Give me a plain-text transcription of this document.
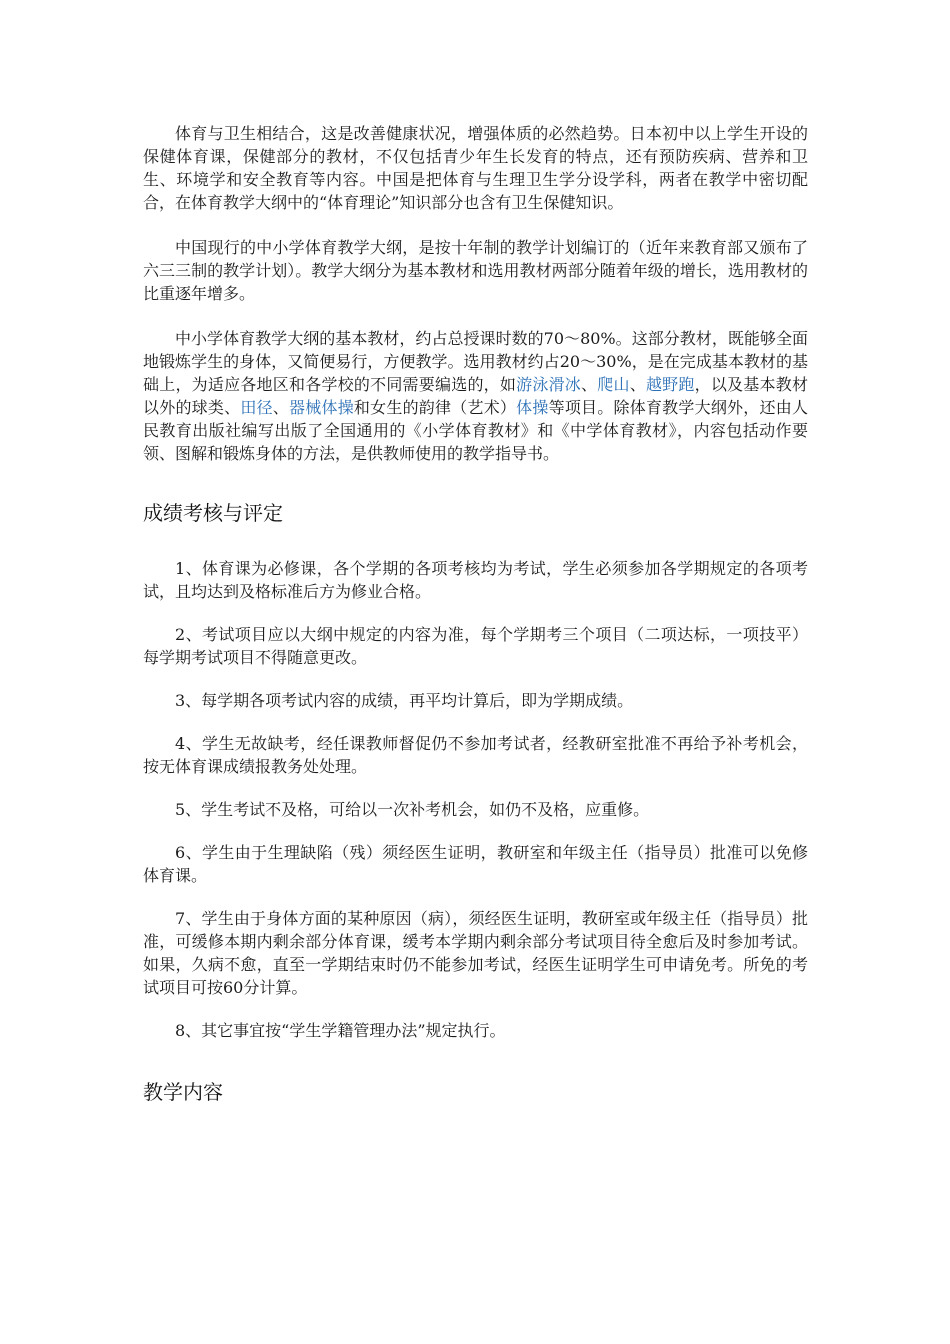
体育与卫生相结合，这是改善健康状况，增强体质的必然趋势。日本初中以上学生开设的保健体育课，保健部分的教材，不仅包括青少年生长发育的特点，还有预防疾病、营养和卫生、环境学和安全教育等内容。中国是把体育与生理卫生学分设学科，两者在教学中密切配合，在体育教学大纲中的“体育理论”知识部分也含有卫生保健知识。

中国现行的中小学体育教学大纲，是按十年制的教学计划编订的（近年来教育部又颁布了六三三制的教学计划）。教学大纲分为基本教材和选用教材两部分随着年级的增长，选用教材的比重逐年增多。

中小学体育教学大纲的基本教材，约占总授课时数的70～80%。这部分教材，既能够全面地锻炼学生的身体，又简便易行，方便教学。选用教材约占20～30%，是在完成基本教材的基础上，为适应各地区和各学校的不同需要编选的，如游泳滑冰、爬山、越野跑，以及基本教材以外的球类、田径、器械体操和女生的韵律（艺术）体操等项目。除体育教学大纲外，还由人民教育出版社编写出版了全国通用的《小学体育教材》和《中学体育教材》，内容包括动作要领、图解和锻炼身体的方法，是供教师使用的教学指导书。

成绩考核与评定

1、体育课为必修课，各个学期的各项考核均为考试，学生必须参加各学期规定的各项考试，且均达到及格标准后方为修业合格。

2、考试项目应以大纲中规定的内容为准，每个学期考三个项目（二项达标，一项技平）每学期考试项目不得随意更改。

3、每学期各项考试内容的成绩，再平均计算后，即为学期成绩。

4、学生无故缺考，经任课教师督促仍不参加考试者，经教研室批准不再给予补考机会，按无体育课成绩报教务处处理。

5、学生考试不及格，可给以一次补考机会，如仍不及格，应重修。

6、学生由于生理缺陷（残）须经医生证明，教研室和年级主任（指导员）批准可以免修体育课。

7、学生由于身体方面的某种原因（病），须经医生证明，教研室或年级主任（指导员）批准，可缓修本期内剩余部分体育课，缓考本学期内剩余部分考试项目待全愈后及时参加考试。如果，久病不愈，直至一学期结束时仍不能参加考试，经医生证明学生可申请免考。所免的考试项目可按60分计算。

8、其它事宜按“学生学籍管理办法”规定执行。

教学内容
